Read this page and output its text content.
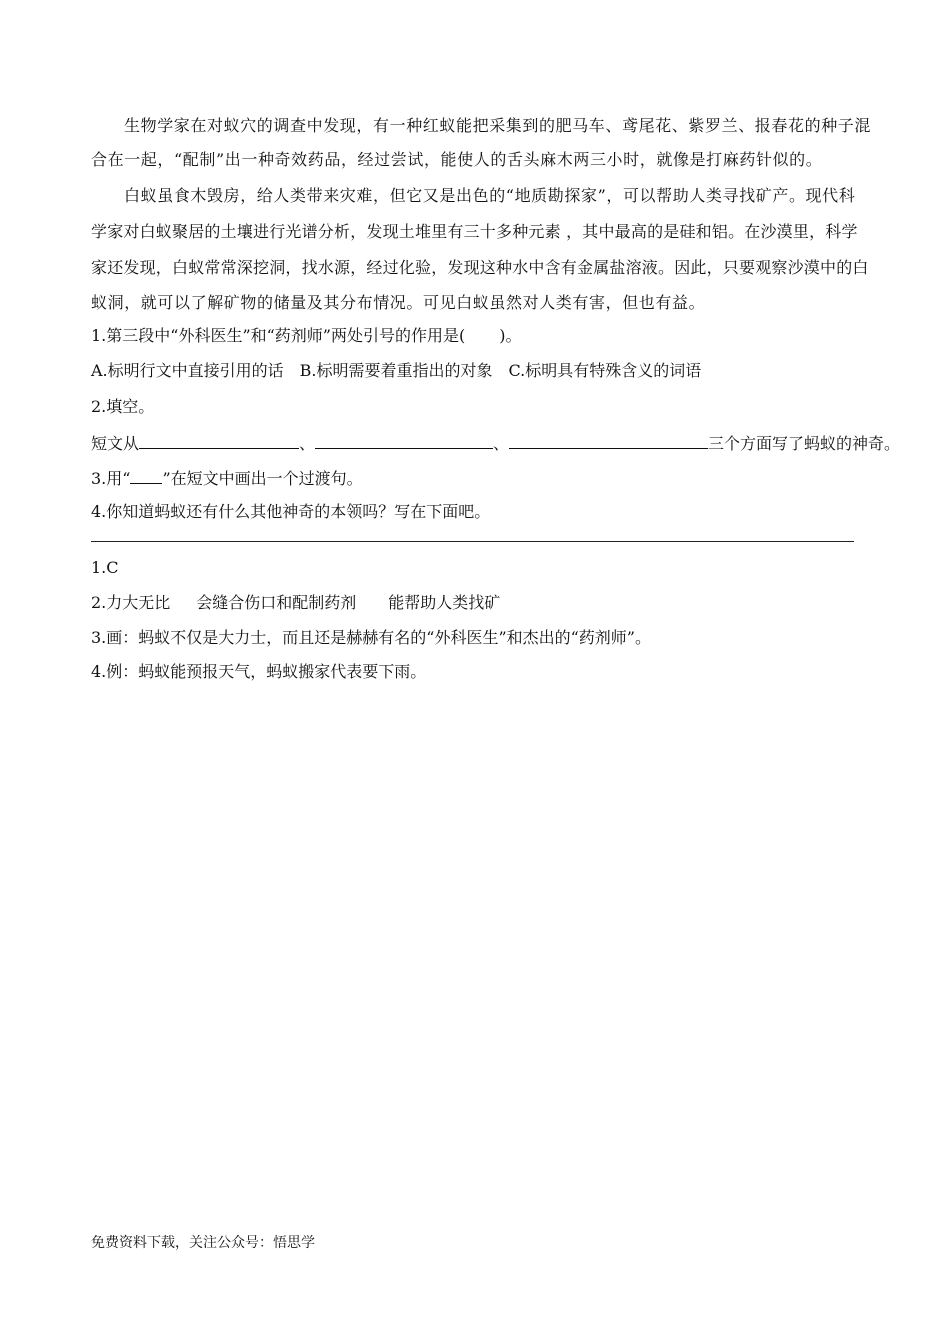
生物学家在对蚁穴的调查中发现，有一种红蚁能把采集到的肥马车、鸢尾花、紫罗兰、报春花的种子混
合在一起，“配制”出一种奇效药品，经过尝试，能使人的舌头麻木两三小时，就像是打麻药针似的。
白蚁虽食木毁房，给人类带来灾难，但它又是出色的“地质勘探家”，可以帮助人类寻找矿产。现代科
学家对白蚁聚居的土壤进行光谱分析，发现土堆里有三十多种元素 ，其中最高的是硅和铝。在沙漠里，科学
家还发现，白蚁常常深挖洞，找水源，经过化验，发现这种水中含有金属盐溶液。因此，只要观察沙漠中的白
蚁洞，就可以了解矿物的储量及其分布情况。可见白蚁虽然对人类有害，但也有益。
1.第三段中“外科医生”和“药剂师”两处引号的作用是( )。
A.标明行文中直接引用的话　B.标明需要着重指出的对象　C.标明具有特殊含义的词语
2.填空。
短文从	、	、	三个方面写了蚂蚁的神奇。
3.用“ ”在短文中画出一个过渡句。
4.你知道蚂蚁还有什么其他神奇的本领吗？写在下面吧。
1.C
2.力大无比 会缝合伤口和配制药剂 能帮助人类找矿
3.画：蚂蚁不仅是大力士，而且还是赫赫有名的“外科医生”和杰出的“药剂师”。
4.例：蚂蚁能预报天气，蚂蚁搬家代表要下雨。
免费资料下载，关注公众号：悟思学
